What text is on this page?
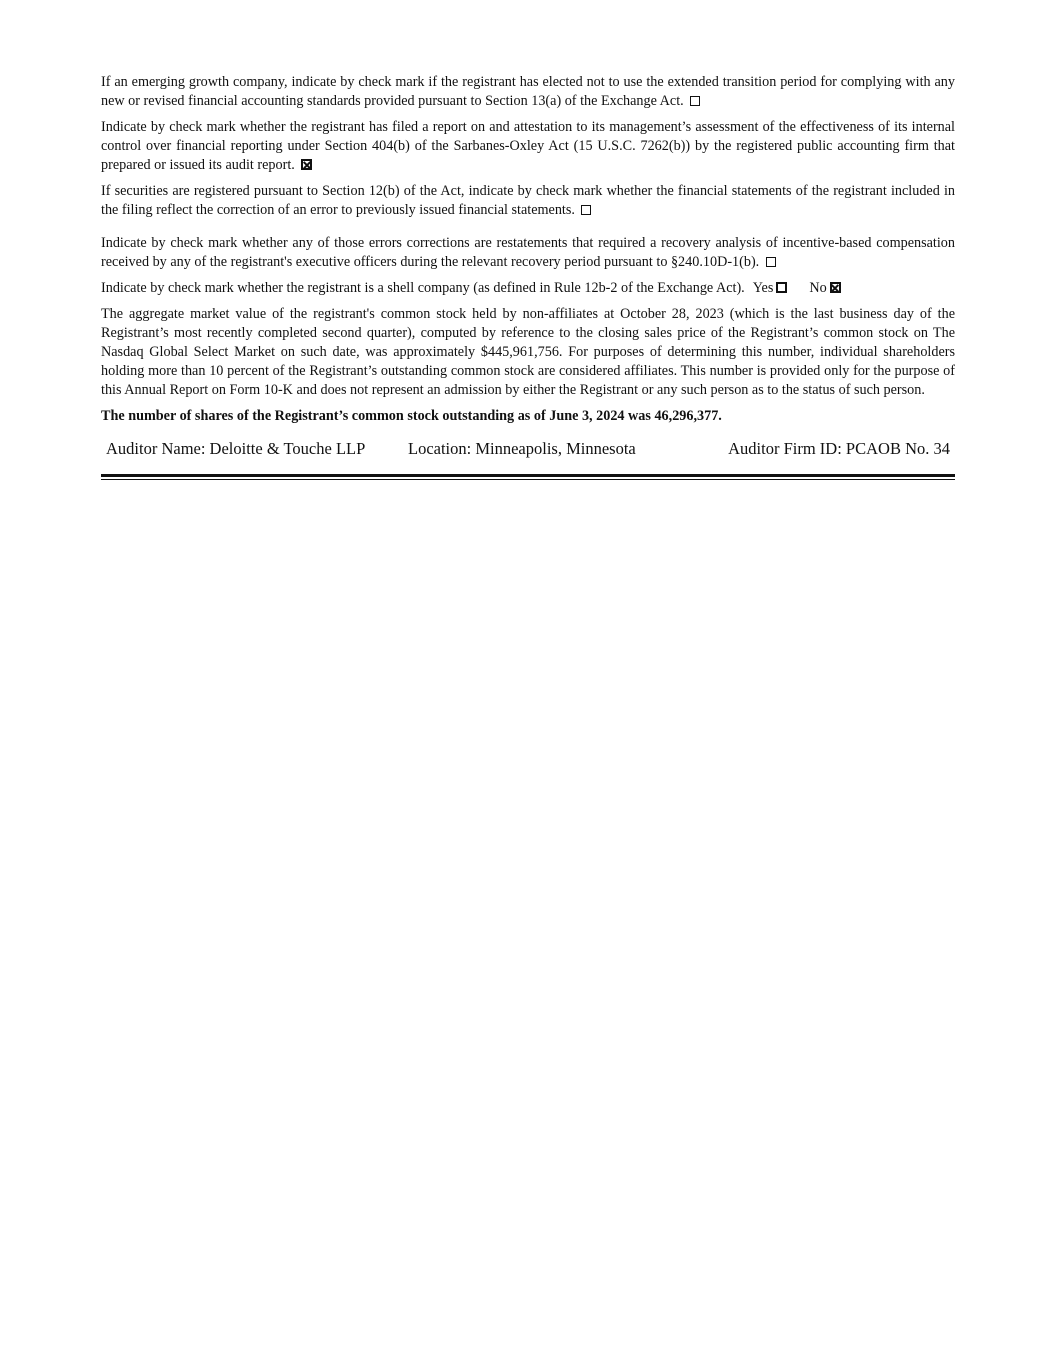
If an emerging growth company, indicate by check mark if the registrant has elected not to use the extended transition period for complying with any new or revised financial accounting standards provided pursuant to Section 13(a) of the Exchange Act.

Indicate by check mark whether the registrant has filed a report on and attestation to its management’s assessment of the effectiveness of its internal control over financial reporting under Section 404(b) of the Sarbanes-Oxley Act (15 U.S.C. 7262(b)) by the registered public accounting firm that prepared or issued its audit report.

If securities are registered pursuant to Section 12(b) of the Act, indicate by check mark whether the financial statements of the registrant included in the filing reflect the correction of an error to previously issued financial statements.

Indicate by check mark whether any of those errors corrections are restatements that required a recovery analysis of incentive-based compensation received by any of the registrant's executive officers during the relevant recovery period pursuant to §240.10D-1(b).

Indicate by check mark whether the registrant is a shell company (as defined in Rule 12b-2 of the Exchange Act). Yes	No

The aggregate market value of the registrant's common stock held by non-affiliates at October 28, 2023 (which is the last business day of the Registrant’s most recently completed second quarter), computed by reference to the closing sales price of the Registrant’s common stock on The Nasdaq Global Select Market on such date, was approximately $445,961,756. For purposes of determining this number, individual shareholders holding more than 10 percent of the Registrant’s outstanding common stock are considered affiliates. This number is provided only for the purpose of this Annual Report on Form 10-K and does not represent an admission by either the Registrant or any such person as to the status of such person.

The number of shares of the Registrant’s common stock outstanding as of June 3, 2024 was 46,296,377.

Auditor Name: Deloitte & Touche LLP	Location: Minneapolis, Minnesota	Auditor Firm ID: PCAOB No. 34
